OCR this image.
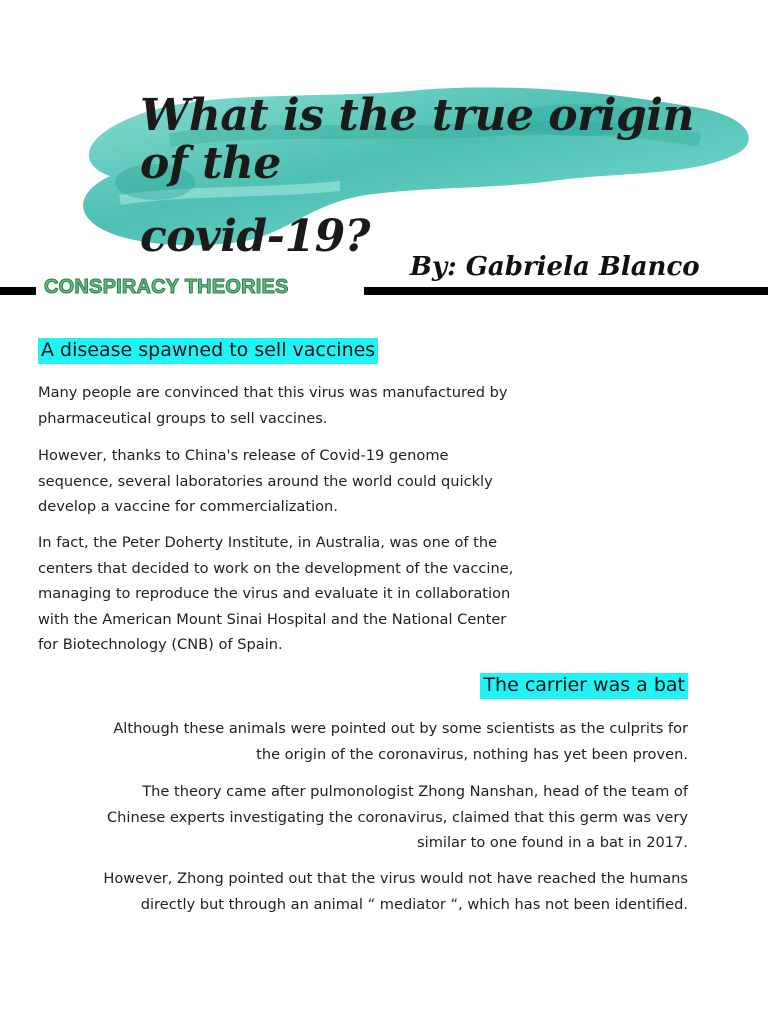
What is the true origin of the
covid-19?
CONSPIRACY THEORIES
By: Gabriela Blanco
A disease spawned to sell vaccines
Many people are convinced that this virus was manufactured by pharmaceutical groups to sell vaccines.
However, thanks to China's release of Covid-19 genome sequence, several laboratories around the world could quickly develop a vaccine for commercialization.
In fact, the Peter Doherty Institute, in Australia, was one of the centers that decided to work on the development of the vaccine, managing to reproduce the virus and evaluate it in collaboration with the American Mount Sinai Hospital and the National Center for Biotechnology (CNB) of Spain.
The carrier was a bat
Although these animals were pointed out by some scientists as the culprits for the origin of the coronavirus, nothing has yet been proven.
The theory came after pulmonologist Zhong Nanshan, head of the team of Chinese experts investigating the coronavirus, claimed that this germ was very similar to one found in a bat in 2017.
However, Zhong pointed out that the virus would not have reached the humans directly but through an animal “ mediator “, which has not been identified.
